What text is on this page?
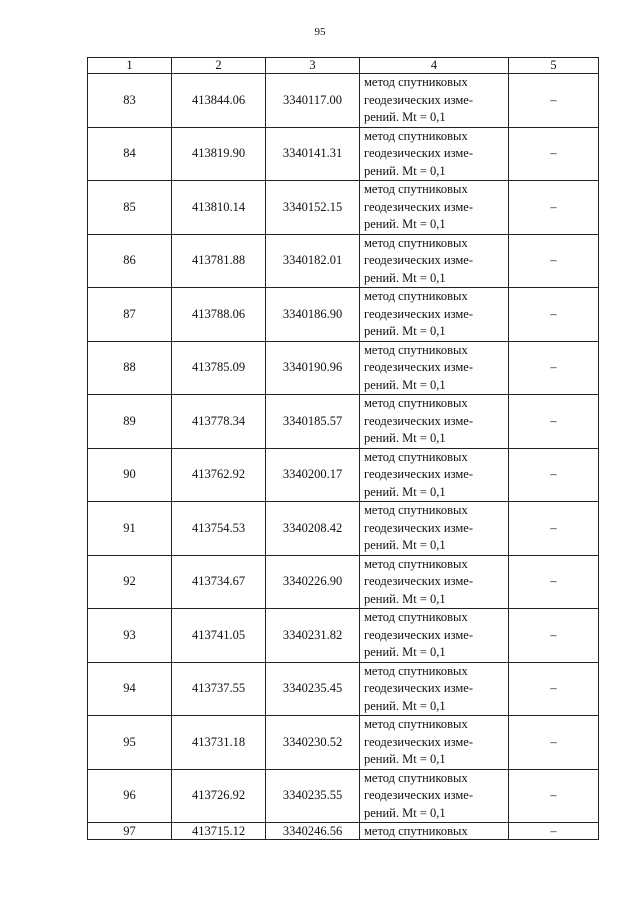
95
1	2	3	4	5
83	413844.06	3340117.00	метод спутниковых
геодезических изме-
рений. Mt = 0,1	–
84	413819.90	3340141.31	метод спутниковых
геодезических изме-
рений. Mt = 0,1	–
85	413810.14	3340152.15	метод спутниковых
геодезических изме-
рений. Mt = 0,1	–
86	413781.88	3340182.01	метод спутниковых
геодезических изме-
рений. Mt = 0,1	–
87	413788.06	3340186.90	метод спутниковых
геодезических изме-
рений. Mt = 0,1	–
88	413785.09	3340190.96	метод спутниковых
геодезических изме-
рений. Mt = 0,1	–
89	413778.34	3340185.57	метод спутниковых
геодезических изме-
рений. Mt = 0,1	–
90	413762.92	3340200.17	метод спутниковых
геодезических изме-
рений. Mt = 0,1	–
91	413754.53	3340208.42	метод спутниковых
геодезических изме-
рений. Mt = 0,1	–
92	413734.67	3340226.90	метод спутниковых
геодезических изме-
рений. Mt = 0,1	–
93	413741.05	3340231.82	метод спутниковых
геодезических изме-
рений. Mt = 0,1	–
94	413737.55	3340235.45	метод спутниковых
геодезических изме-
рений. Mt = 0,1	–
95	413731.18	3340230.52	метод спутниковых
геодезических изме-
рений. Mt = 0,1	–
96	413726.92	3340235.55	метод спутниковых
геодезических изме-
рений. Mt = 0,1	–
97	413715.12	3340246.56	метод спутниковых	–
